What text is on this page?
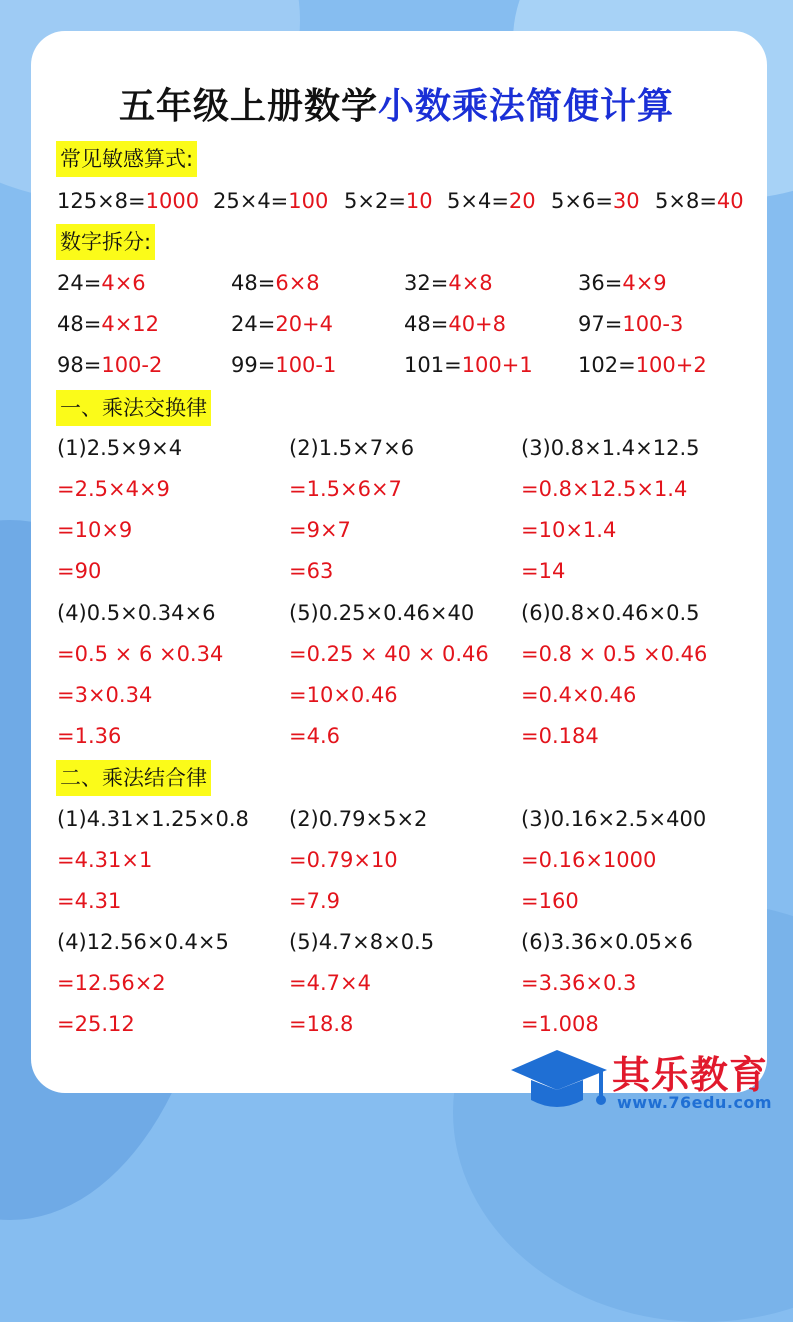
五年级上册数学小数乘法简便计算
常见敏感算式:
125×8=1000 25×4=100 5×2=10 5×4=20 5×6=30 5×8=40
数字拆分:
24=4×6	48=6×8	32=4×8	36=4×9
48=4×12	24=20+4	48=40+8	97=100-3
98=100-2	99=100-1	101=100+1 102=100+2
一、乘法交换律
(1)2.5×9×4	(2)1.5×7×6	(3)0.8×1.4×12.5
=2.5×4×9	=1.5×6×7	=0.8×12.5×1.4
=10×9	=9×7	=10×1.4
=90	=63	=14
(4)0.5×0.34×6	(5)0.25×0.46×40 (6)0.8×0.46×0.5
=0.5 × 6 ×0.34	=0.25 × 40 × 0.46 =0.8 × 0.5 ×0.46
=3×0.34	=10×0.46	=0.4×0.46
=1.36	=4.6	=0.184
二、乘法结合律
(1)4.31×1.25×0.8 (2)0.79×5×2	(3)0.16×2.5×400
=4.31×1	=0.79×10	=0.16×1000
=4.31	=7.9	=160
(4)12.56×0.4×5	(5)4.7×8×0.5	(6)3.36×0.05×6
=12.56×2	=4.7×4	=3.36×0.3
=25.12	=18.8	=1.008
其乐教育
www.76edu.com
